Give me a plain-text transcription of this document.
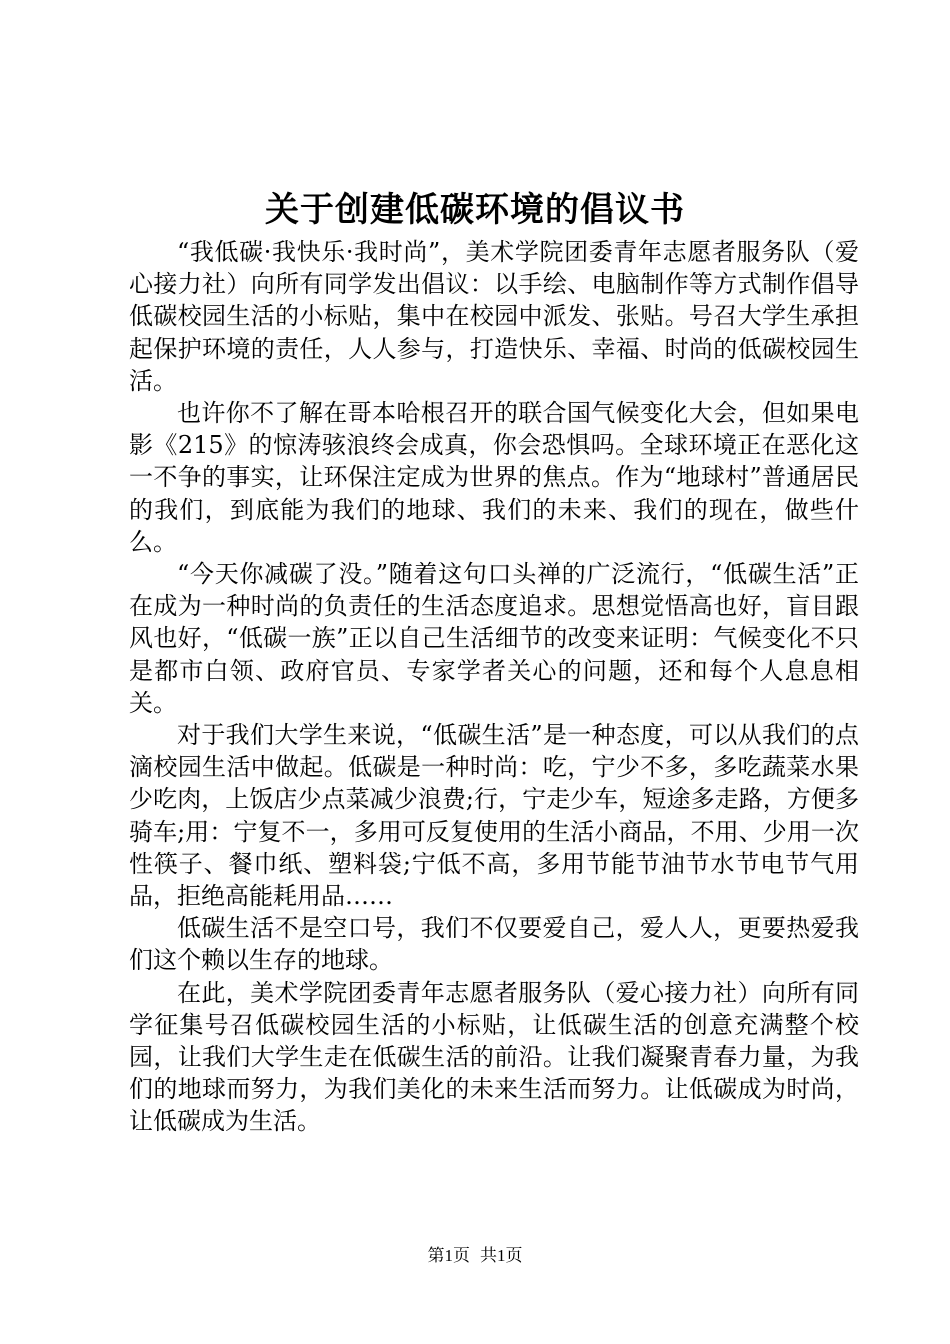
关于创建低碳环境的倡议书

“我低碳·我快乐·我时尚”，美术学院团委青年志愿者服务队（爱心接力社）向所有同学发出倡议：以手绘、电脑制作等方式制作倡导低碳校园生活的小标贴，集中在校园中派发、张贴。号召大学生承担起保护环境的责任，人人参与，打造快乐、幸福、时尚的低碳校园生活。

也许你不了解在哥本哈根召开的联合国气候变化大会，但如果电影《215》的惊涛骇浪终会成真，你会恐惧吗。全球环境正在恶化这一不争的事实，让环保注定成为世界的焦点。作为“地球村”普通居民的我们，到底能为我们的地球、我们的未来、我们的现在，做些什么。

“今天你减碳了没。”随着这句口头禅的广泛流行，“低碳生活”正在成为一种时尚的负责任的生活态度追求。思想觉悟高也好，盲目跟风也好，“低碳一族”正以自己生活细节的改变来证明：气候变化不只是都市白领、政府官员、专家学者关心的问题，还和每个人息息相关。

对于我们大学生来说，“低碳生活”是一种态度，可以从我们的点滴校园生活中做起。低碳是一种时尚：吃，宁少不多，多吃蔬菜水果少吃肉，上饭店少点菜减少浪费;行，宁走少车，短途多走路，方便多骑车;用：宁复不一，多用可反复使用的生活小商品，不用、少用一次性筷子、餐巾纸、塑料袋;宁低不高，多用节能节油节水节电节气用品，拒绝高能耗用品……

低碳生活不是空口号，我们不仅要爱自己，爱人人，更要热爱我们这个赖以生存的地球。

在此，美术学院团委青年志愿者服务队（爱心接力社）向所有同学征集号召低碳校园生活的小标贴，让低碳生活的创意充满整个校园，让我们大学生走在低碳生活的前沿。让我们凝聚青春力量，为我们的地球而努力，为我们美化的未来生活而努力。让低碳成为时尚，让低碳成为生活。

第1页 共1页
